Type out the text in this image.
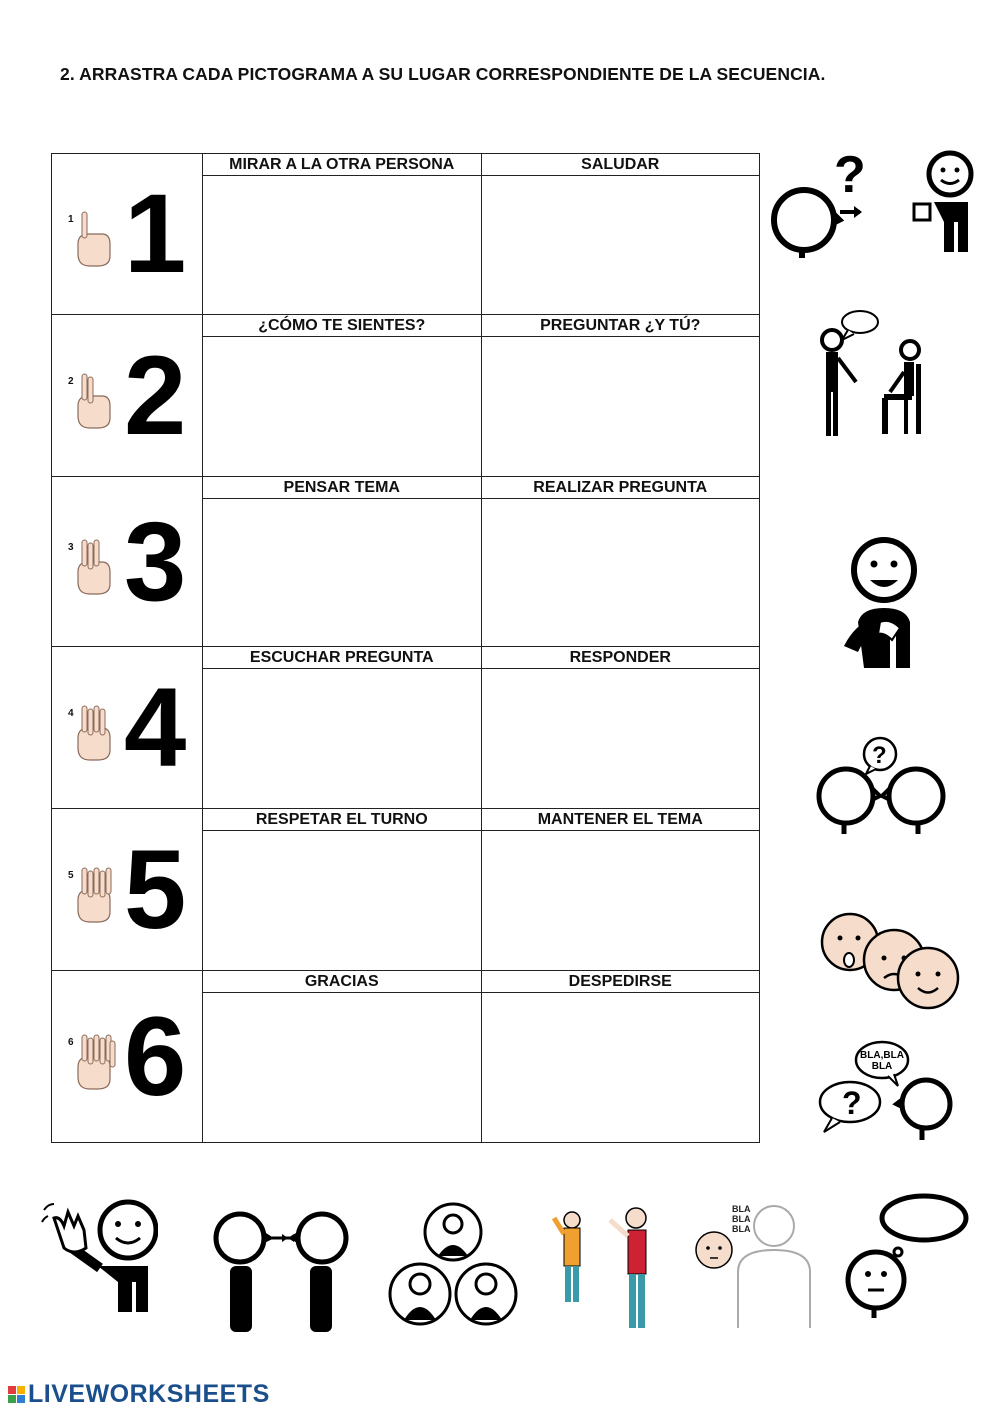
2. ARRASTRA CADA PICTOGRAMA A SU LUGAR CORRESPONDIENTE DE LA SECUENCIA.
1 1	MIRAR A LA OTRA PERSONA	SALUDAR

2 2	¿CÓMO TE SIENTES?	PREGUNTAR ¿Y TÚ?

3 3	PENSAR TEMA	REALIZAR PREGUNTA

4 4	ESCUCHAR PREGUNTA	RESPONDER

5 5	RESPETAR EL TURNO	MANTENER EL TEMA

6 6	GRACIAS	DESPEDIRSE

?
?
BLA,BLA
BLA
?
BLA
BLA
BLA
LIVEWORKSHEETS
